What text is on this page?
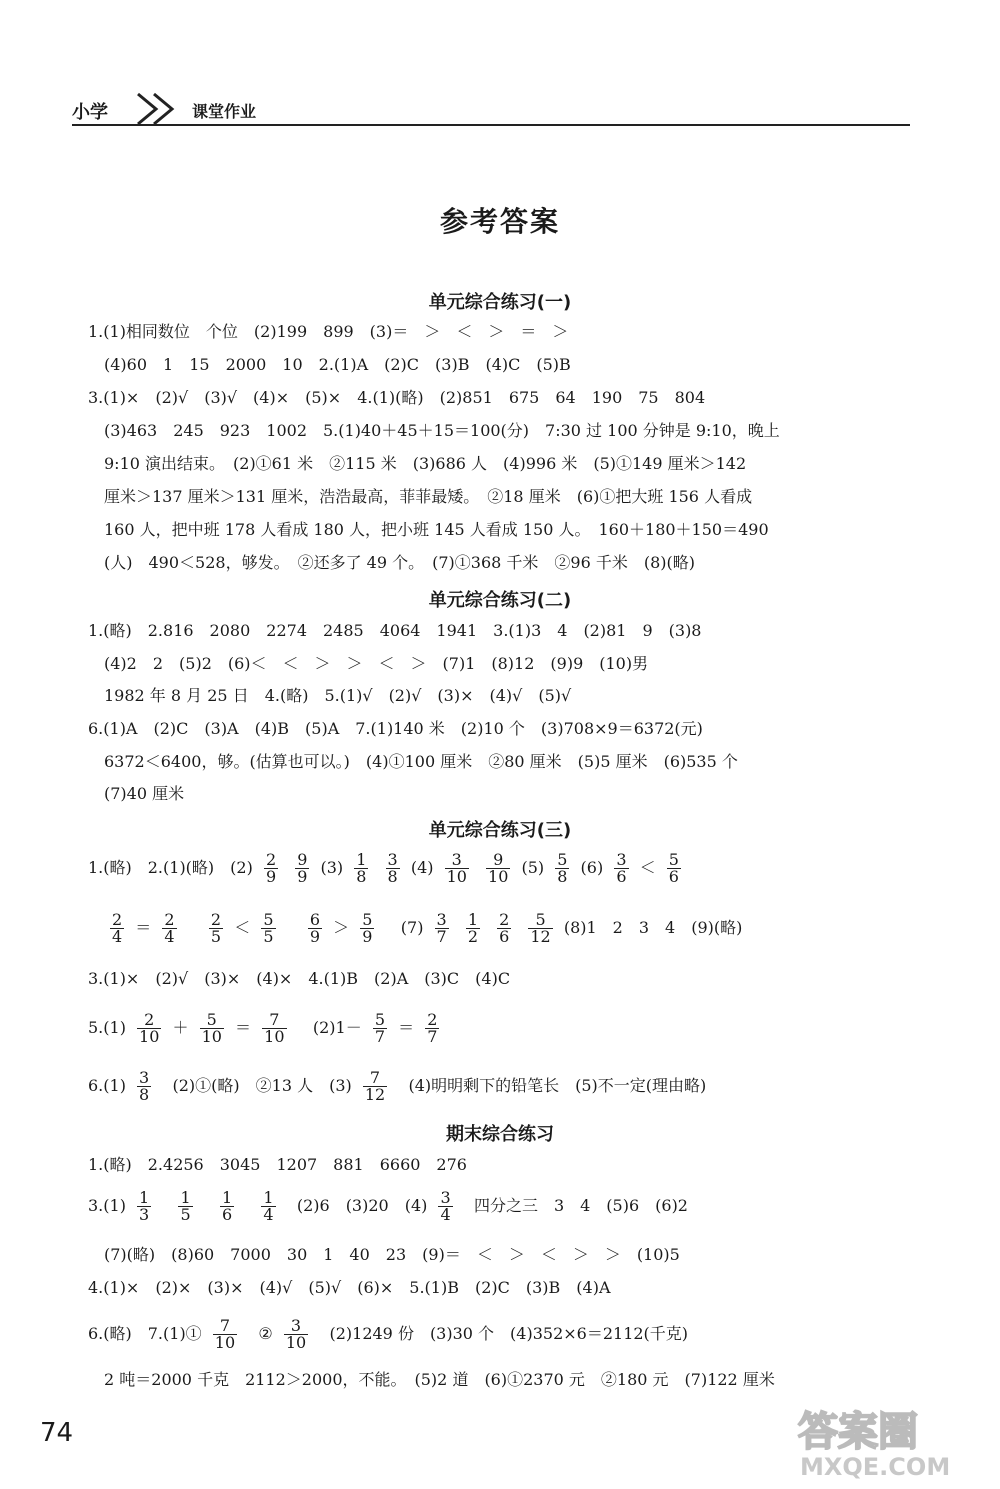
小学	课堂作业
参考答案
单元综合练习(一)
1.(1)相同数位　个位　(2)199　899　(3)＝　＞　＜　＞　＝　＞
(4)60　1　15　2000　10　2.(1)A　(2)C　(3)B　(4)C　(5)B
3.(1)×　(2)√　(3)√　(4)×　(5)×　4.(1)(略)　(2)851　675　64　190　75　804
(3)463　245　923　1002　5.(1)40＋45＋15＝100(分)　7:30 过 100 分钟是 9:10，晚上
9:10 演出结束。　(2)①61 米　②115 米　(3)686 人　(4)996 米　(5)①149 厘米＞142
厘米＞137 厘米＞131 厘米，浩浩最高，菲菲最矮。　②18 厘米　(6)①把大班 156 人看成
160 人，把中班 178 人看成 180 人，把小班 145 人看成 150 人。　160＋180＋150＝490
(人)　490＜528，够发。　②还多了 49 个。　(7)①368 千米　②96 千米　(8)(略)
单元综合练习(二)
1.(略)　2.816　2080　2274　2485　4064　1941　3.(1)3　4　(2)81　9　(3)8
(4)2　2　(5)2　(6)＜　＜　＞　＞　＜　＞　(7)1　(8)12　(9)9　(10)男
1982 年 8 月 25 日　4.(略)　5.(1)√　(2)√　(3)×　(4)√　(5)√
6.(1)A　(2)C　(3)A　(4)B　(5)A　7.(1)140 米　(2)10 个　(3)708×9＝6372(元)
6372＜6400，够。(估算也可以。)　(4)①100 厘米　②80 厘米　(5)5 厘米　(6)535 个
(7)40 厘米
单元综合练习(三)
1.(略)　2.(1)(略)　$(2) \frac{2}{9}$
$\frac{9}{9} (3) \frac{1}{8}$
$\frac{3}{8} (4) \frac{3}{10}$
$\frac{9}{10} (5) \frac{5}{8} (6) \frac{3}{6} < \frac{5}{6}$
$\frac{2}{4} = \frac{2}{4}$
$\frac{2}{5} < \frac{5}{5}$
$\frac{6}{9} > \frac{5}{9} (7) \frac{3}{7}$
$\frac{1}{2}$
$\frac{2}{6}$
$\frac{5}{12} (8)1$　2　3　4　(9)(略)
3.(1)×　(2)√　(3)×　(4)×　4.(1)B　(2)A　(3)C　(4)C
$5.(1) \frac{2}{10} + \frac{5}{10} = \frac{7}{10} (2)1- \frac{5}{7} = \frac{2}{7}$
$6.(1) \frac{3}{8}$ (2)①(略)　②13 人　$(3) \frac{7}{12} (4)$明明剩下的铅笔长　(5)不一定(理由略)
期末综合练习
1.(略)　2.4256　3045　1207　881　6660　276
$3.(1) \frac{1}{3}$
$\frac{1}{5}$
$\frac{1}{6}$
$\frac{1}{4} (2)6$　(3)20　$(4) \frac{3}{4}$ 四分之三　3　4　(5)6　(6)2
(7)(略)　(8)60　7000　30　1　40　23　(9)＝　＜　＞　＜　＞　＞　(10)5
4.(1)×　(2)×　(3)×　(4)√　(5)√　(6)×　5.(1)B　(2)C　(3)B　(4)A
6.(略)　7.(1)① $\frac{7}{10}$ ② $\frac{3}{10} (2)1249$ 份　(3)30 个　(4)352×6＝2112(千克)
2 吨＝2000 千克　2112＞2000，不能。　(5)2 道　(6)①2370 元　②180 元　(7)122 厘米
74	答案圈
MXQE.COM
